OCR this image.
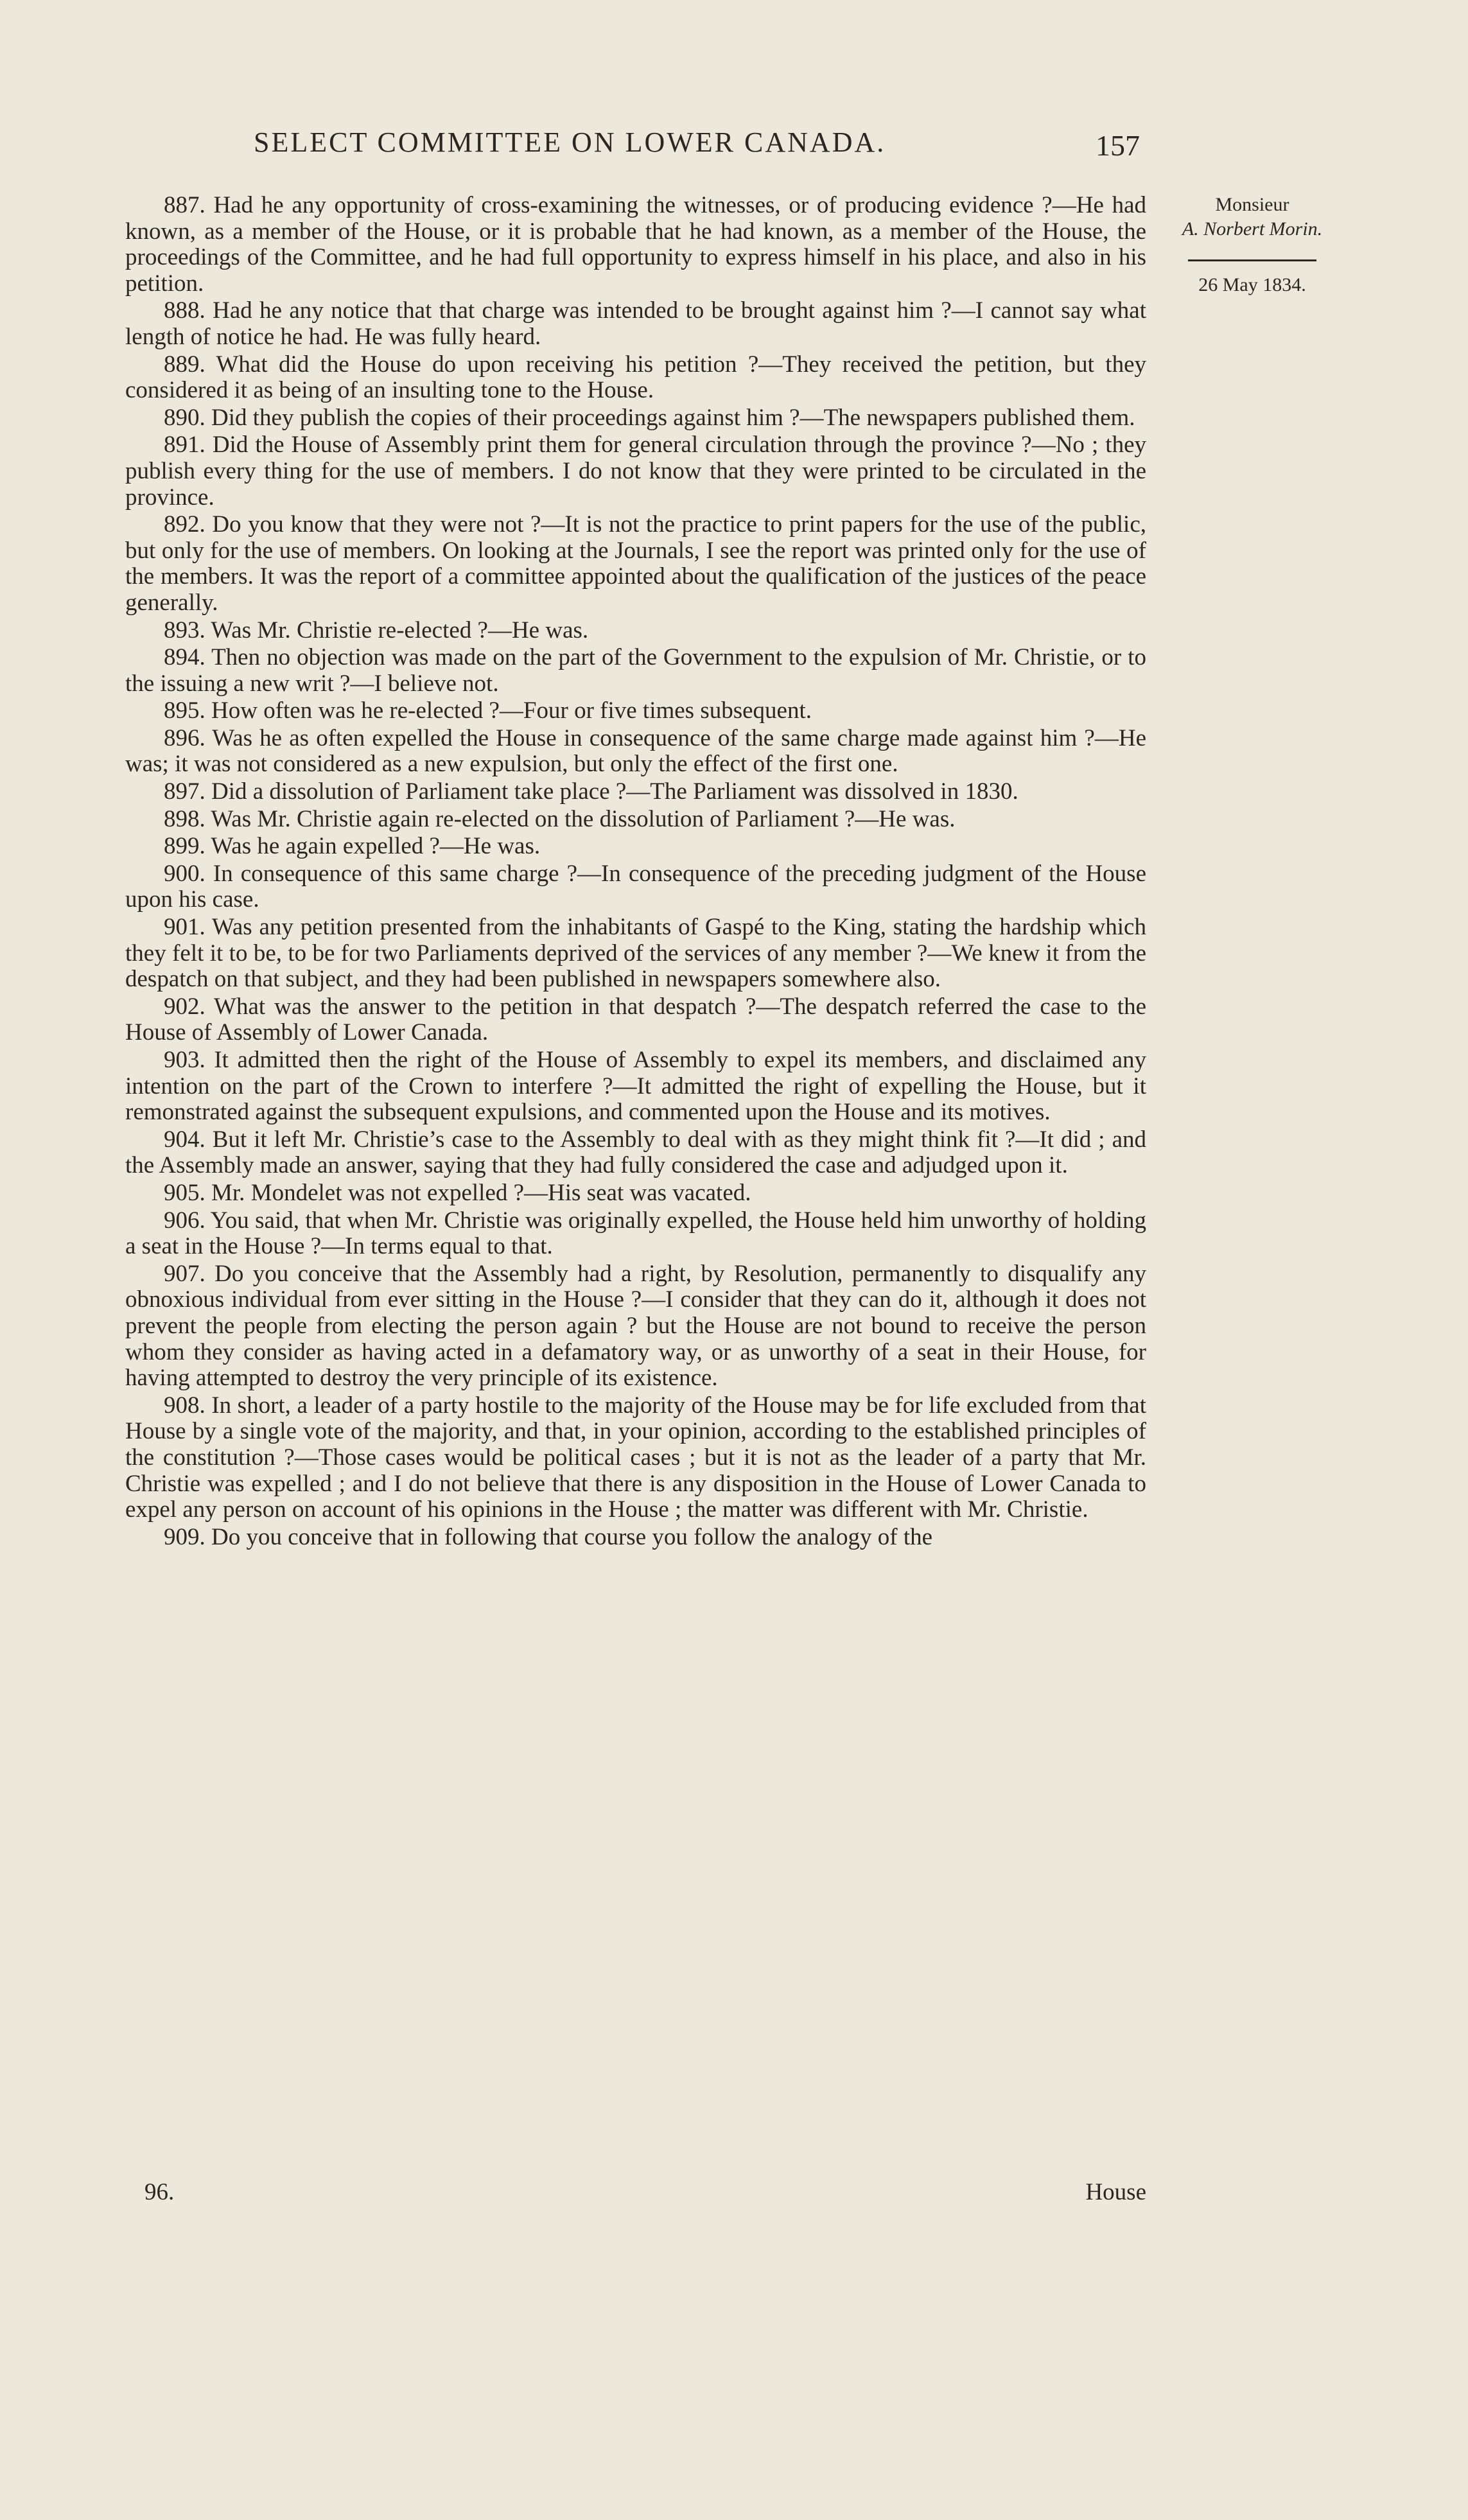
SELECT COMMITTEE ON LOWER CANADA.	157
Monsieur
A. Norbert Morin.
26 May 1834.

887. Had he any opportunity of cross-examining the witnesses, or of producing evidence ?—He had known, as a member of the House, or it is probable that he had known, as a member of the House, the proceedings of the Committee, and he had full opportunity to express himself in his place, and also in his petition.

888. Had he any notice that that charge was intended to be brought against him ?—I cannot say what length of notice he had. He was fully heard.

889. What did the House do upon receiving his petition ?—They received the petition, but they considered it as being of an insulting tone to the House.

890. Did they publish the copies of their proceedings against him ?—The newspapers published them.

891. Did the House of Assembly print them for general circulation through the province ?—No ; they publish every thing for the use of members. I do not know that they were printed to be circulated in the province.

892. Do you know that they were not ?—It is not the practice to print papers for the use of the public, but only for the use of members. On looking at the Journals, I see the report was printed only for the use of the members. It was the report of a committee appointed about the qualification of the justices of the peace generally.

893. Was Mr. Christie re-elected ?—He was.

894. Then no objection was made on the part of the Government to the expulsion of Mr. Christie, or to the issuing a new writ ?—I believe not.

895. How often was he re-elected ?—Four or five times subsequent.

896. Was he as often expelled the House in consequence of the same charge made against him ?—He was; it was not considered as a new expulsion, but only the effect of the first one.

897. Did a dissolution of Parliament take place ?—The Parliament was dissolved in 1830.

898. Was Mr. Christie again re-elected on the dissolution of Parliament ?—He was.

899. Was he again expelled ?—He was.

900. In consequence of this same charge ?—In consequence of the preceding judgment of the House upon his case.

901. Was any petition presented from the inhabitants of Gaspé to the King, stating the hardship which they felt it to be, to be for two Parliaments deprived of the services of any member ?—We knew it from the despatch on that subject, and they had been published in newspapers somewhere also.

902. What was the answer to the petition in that despatch ?—The despatch referred the case to the House of Assembly of Lower Canada.

903. It admitted then the right of the House of Assembly to expel its members, and disclaimed any intention on the part of the Crown to interfere ?—It admitted the right of expelling the House, but it remonstrated against the subsequent expulsions, and commented upon the House and its motives.

904. But it left Mr. Christie’s case to the Assembly to deal with as they might think fit ?—It did ; and the Assembly made an answer, saying that they had fully considered the case and adjudged upon it.

905. Mr. Mondelet was not expelled ?—His seat was vacated.

906. You said, that when Mr. Christie was originally expelled, the House held him unworthy of holding a seat in the House ?—In terms equal to that.

907. Do you conceive that the Assembly had a right, by Resolution, permanently to disqualify any obnoxious individual from ever sitting in the House ?—I consider that they can do it, although it does not prevent the people from electing the person again ? but the House are not bound to receive the person whom they consider as having acted in a defamatory way, or as unworthy of a seat in their House, for having attempted to destroy the very principle of its existence.

908. In short, a leader of a party hostile to the majority of the House may be for life excluded from that House by a single vote of the majority, and that, in your opinion, according to the established principles of the constitution ?—Those cases would be political cases ; but it is not as the leader of a party that Mr. Christie was expelled ; and I do not believe that there is any disposition in the House of Lower Canada to expel any person on account of his opinions in the House ; the matter was different with Mr. Christie.

909. Do you conceive that in following that course you follow the analogy of the

96.	House
